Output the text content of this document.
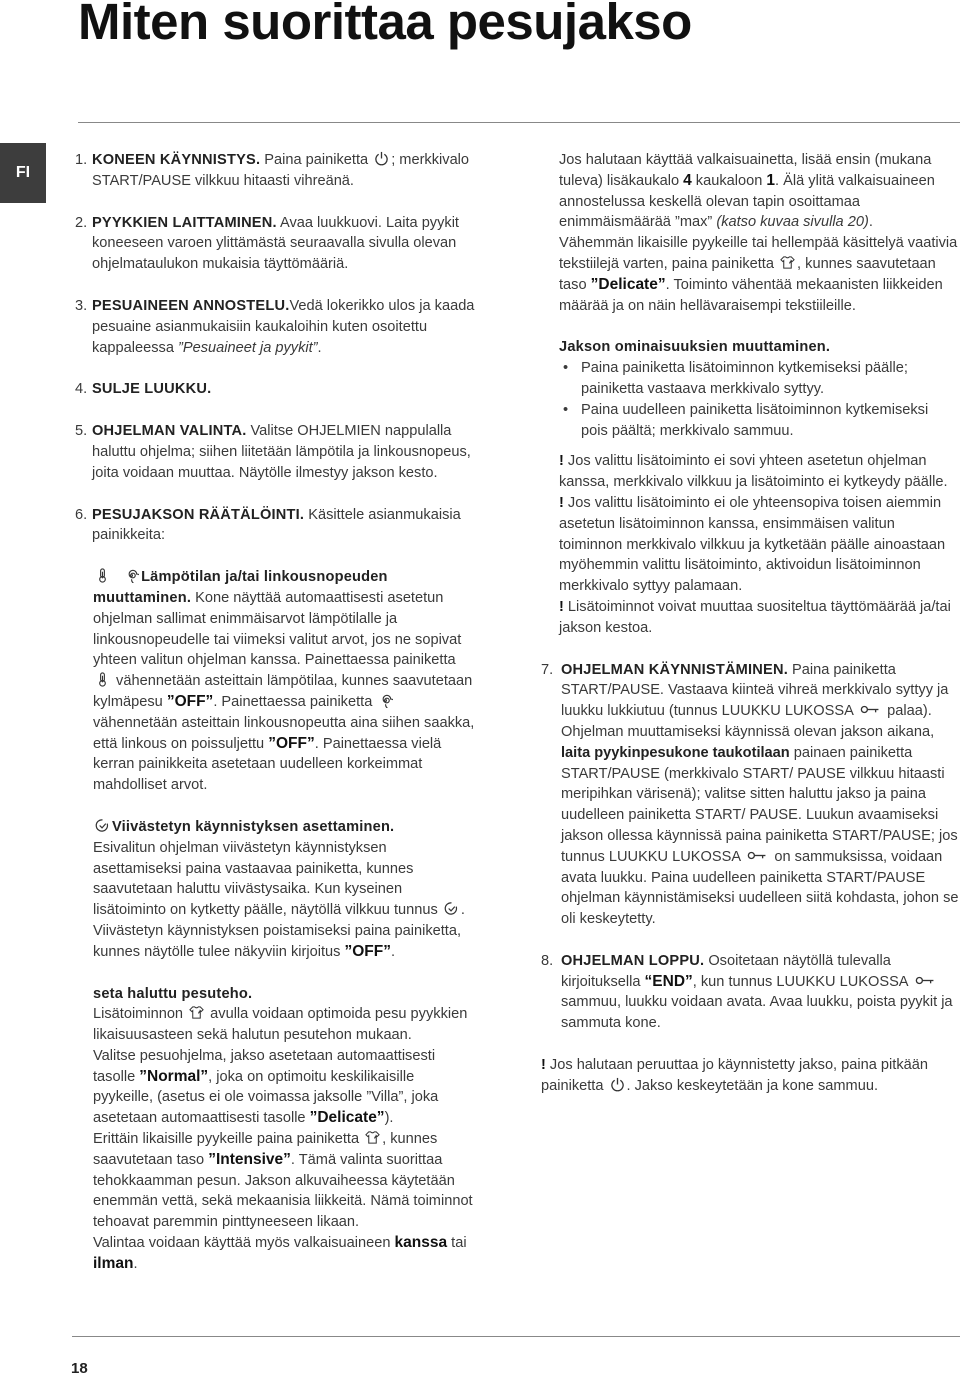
Miten suorittaa pesujakso
FI

1. KONEEN KÄYNNISTYS. Paina painiketta
; merkkivalo START/PAUSE vilkkuu hitaasti vihreänä.

2. PYYKKIEN LAITTAMINEN. Avaa luukkuovi. Laita pyykit koneeseen varoen ylittämästä seuraavalla sivulla olevan ohjelmataulukon mukaisia täyttömääriä.

3. PESUAINEEN ANNOSTELU.Vedä lokerikko ulos ja kaada pesuaine asianmukaisiin kaukaloihin kuten osoitettu kappaleessa ”Pesuaineet ja pyykit”.

4. SULJE LUUKKU.

5. OHJELMAN VALINTA. Valitse OHJELMIEN nappulalla haluttu ohjelma; siihen liitetään lämpötila ja linkousnopeus, joita voidaan muuttaa. Näytölle ilmestyy jakson kesto.

6. PESUJAKSON RÄÄTÄLÖINTI. Käsittele asianmukaisia painikkeita:

Lämpötilan ja/tai linkousnopeuden muuttaminen. Kone näyttää automaattisesti asetetun ohjelman sallimat enimmäisarvot lämpötilalle ja linkousnopeudelle tai viimeksi valitut arvot, jos ne sopivat yhteen valitun ohjelman kanssa. Painettaessa painiketta
vähennetään asteittain lämpötilaa, kunnes saavutetaan kylmäpesu ”OFF”. Painettaessa painiketta
vähennetään asteittain linkousnopeutta aina siihen saakka, että linkous on poissuljettu ”OFF”. Painettaessa vielä kerran painikkeita asetetaan uudelleen korkeimmat mahdolliset arvot.

Viivästetyn käynnistyksen asettaminen.
Esivalitun ohjelman viivästetyn käynnistyksen asettamiseksi paina vastaavaa painiketta, kunnes saavutetaan haluttu viivästysaika. Kun kyseinen lisätoiminto on kytketty päälle, näytöllä vilkkuu tunnus
. Viivästetyn käynnistyksen poistamiseksi paina painiketta, kunnes näytölle tulee näkyviin kirjoitus ”OFF”.

seta haluttu pesuteho.
Lisätoiminnon
avulla voidaan optimoida pesu pyykkien likaisuusasteen sekä halutun pesutehon mukaan.
Valitse pesuohjelma, jakso asetetaan automaattisesti tasolle ”Normal”, joka on optimoitu keskilikaisille pyykeille, (asetus ei ole voimassa jaksolle ”Villa”, joka asetetaan automaattisesti tasolle ”Delicate”).
Erittäin likaisille pyykeille paina painiketta
, kunnes saavutetaan taso ”Intensive”. Tämä valinta suorittaa tehokkaamman pesun. Jakson alkuvaiheessa käytetään enemmän vettä, sekä mekaanisia liikkeitä. Nämä toiminnot tehoavat paremmin pinttyneeseen likaan.
Valintaa voidaan käyttää myös valkaisuaineen kanssa tai ilman.

Jos halutaan käyttää valkaisuainetta, lisää ensin (mukana tuleva) lisäkaukalo 4 kaukaloon 1. Älä ylitä valkaisuaineen annostelussa keskellä olevan tapin osoittamaa enimmäismäärää ”max” (katso kuvaa sivulla 20).
Vähemmän likaisille pyykeille tai hellempää käsittelyä vaativia tekstiilejä varten, paina painiketta
, kunnes saavutetaan taso ”Delicate”. Toiminto vähentää mekaanisten liikkeiden määrää ja on näin hellävaraisempi tekstiileille.

Jakson ominaisuuksien muuttaminen.
• Paina painiketta lisätoiminnon kytkemiseksi päälle; painiketta vastaava merkkivalo syttyy.
• Paina uudelleen painiketta lisätoiminnon kytkemiseksi pois päältä; merkkivalo sammuu.
! Jos valittu lisätoiminto ei sovi yhteen asetetun ohjelman kanssa, merkkivalo vilkkuu ja lisätoiminto ei kytkeydy päälle.
! Jos valittu lisätoiminto ei ole yhteensopiva toisen aiemmin asetetun lisätoiminnon kanssa, ensimmäisen valitun toiminnon merkkivalo vilkkuu ja kytketään päälle ainoastaan myöhemmin valittu lisätoiminto, aktivoidun lisätoiminnon merkkivalo syttyy palamaan.
! Lisätoiminnot voivat muuttaa suositeltua täyttömäärää ja/tai jakson kestoa.

7. OHJELMAN KÄYNNISTÄMINEN. Paina painiketta START/PAUSE. Vastaava kiinteä vihreä merkkivalo syttyy ja luukku lukkiutuu (tunnus LUUKKU LUKOSSA
palaa). Ohjelman muuttamiseksi käynnissä olevan jakson aikana, laita pyykinpesukone taukotilaan painaen painiketta START/PAUSE (merkkivalo START/ PAUSE vilkkuu hitaasti meripihkan värisenä); valitse sitten haluttu jakso ja paina uudelleen painiketta START/ PAUSE. Luukun avaamiseksi jakson ollessa käynnissä paina painiketta START/PAUSE; jos tunnus LUUKKU LUKOSSA
on sammuksissa, voidaan avata luukku. Paina uudelleen painiketta START/PAUSE ohjelman käynnistämiseksi uudelleen siitä kohdasta, johon se oli keskeytetty.

8. OHJELMAN LOPPU. Osoitetaan näytöllä tulevalla kirjoituksella “END”, kun tunnus LUUKKU LUKOSSA
sammuu, luukku voidaan avata. Avaa luukku, poista pyykit ja sammuta kone.

! Jos halutaan peruuttaa jo käynnistetty jakso, paina pitkään painiketta
. Jakso keskeytetään ja kone sammuu.

18
